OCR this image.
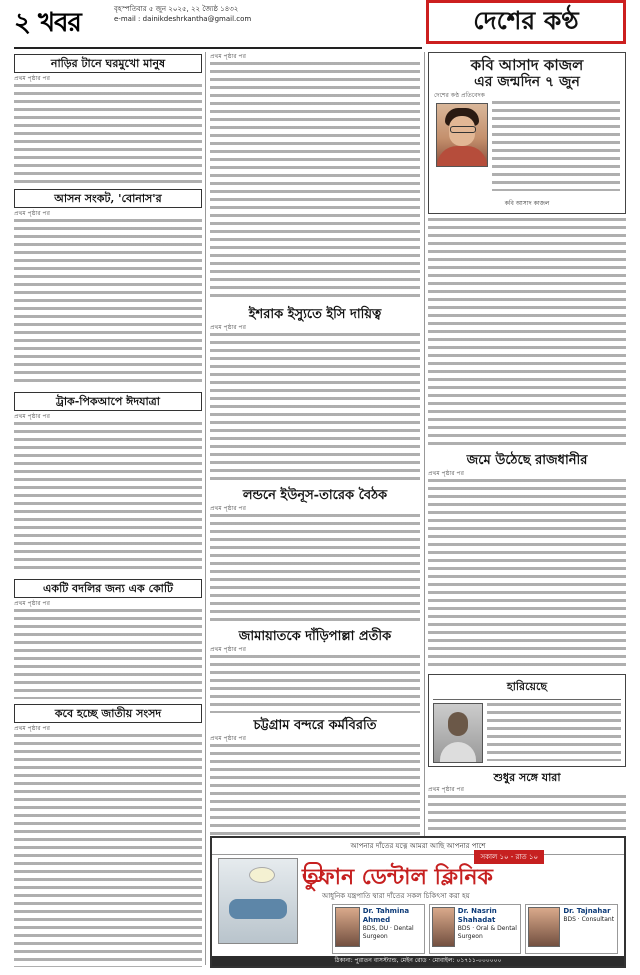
২ খবর	বৃহস্পতিবার ৫ জুন ২০২৫, ২২ জ্যৈষ্ঠ ১৪৩২
e-mail : dainikdeshrkantha@gmail.com	দেশের কণ্ঠ
নাড়ির টানে ঘরমুখো মানুষ
প্রথম পৃষ্ঠার পর
আসন সংকট, 'বোনাস'র
প্রথম পৃষ্ঠার পর
ট্রাক-পিকআপে ঈদযাত্রা
প্রথম পৃষ্ঠার পর
একটি বদলির জন্য এক কোটি
প্রথম পৃষ্ঠার পর
কবে হচ্ছে জাতীয় সংসদ
প্রথম পৃষ্ঠার পর
প্রথম পৃষ্ঠার পর
ইশরাক ইস্যুতে ইসি দায়িত্ব
প্রথম পৃষ্ঠার পর
লন্ডনে ইউনূস-তারেক বৈঠক
প্রথম পৃষ্ঠার পর
জামায়াতকে দাঁড়িপাল্লা প্রতীক
প্রথম পৃষ্ঠার পর
চট্টগ্রাম বন্দরে কর্মবিরতি
প্রথম পৃষ্ঠার পর
কবি আসাদ কাজল
এর জন্মদিন ৭ জুন
দেশের কণ্ঠ প্রতিবেদক
কবি আসাদ কাজল
জমে উঠেছে রাজধানীর
প্রথম পৃষ্ঠার পর
হারিয়েছে
শুধুর সঙ্গে যারা
প্রথম পৃষ্ঠার পর
আপনার দাঁতের যত্নে আমরা আছি আপনার পাশে
সকাল ১০ - রাত ১০
তুফান ডেন্টাল ক্লিনিক
আধুনিক যন্ত্রপাতি দ্বারা দাঁতের সকল চিকিৎসা করা হয়
Dr. Tahmina Ahmed
BDS, DU · Dental Surgeon
Dr. Nasrin Shahadat
BDS · Oral & Dental Surgeon
Dr. Tajnahar
BDS · Consultant
ঠিকানা: পুরাতন বাসস্ট্যান্ড, মেইন রোড · মোবাইল: ০১৭১১-০০০০০০
